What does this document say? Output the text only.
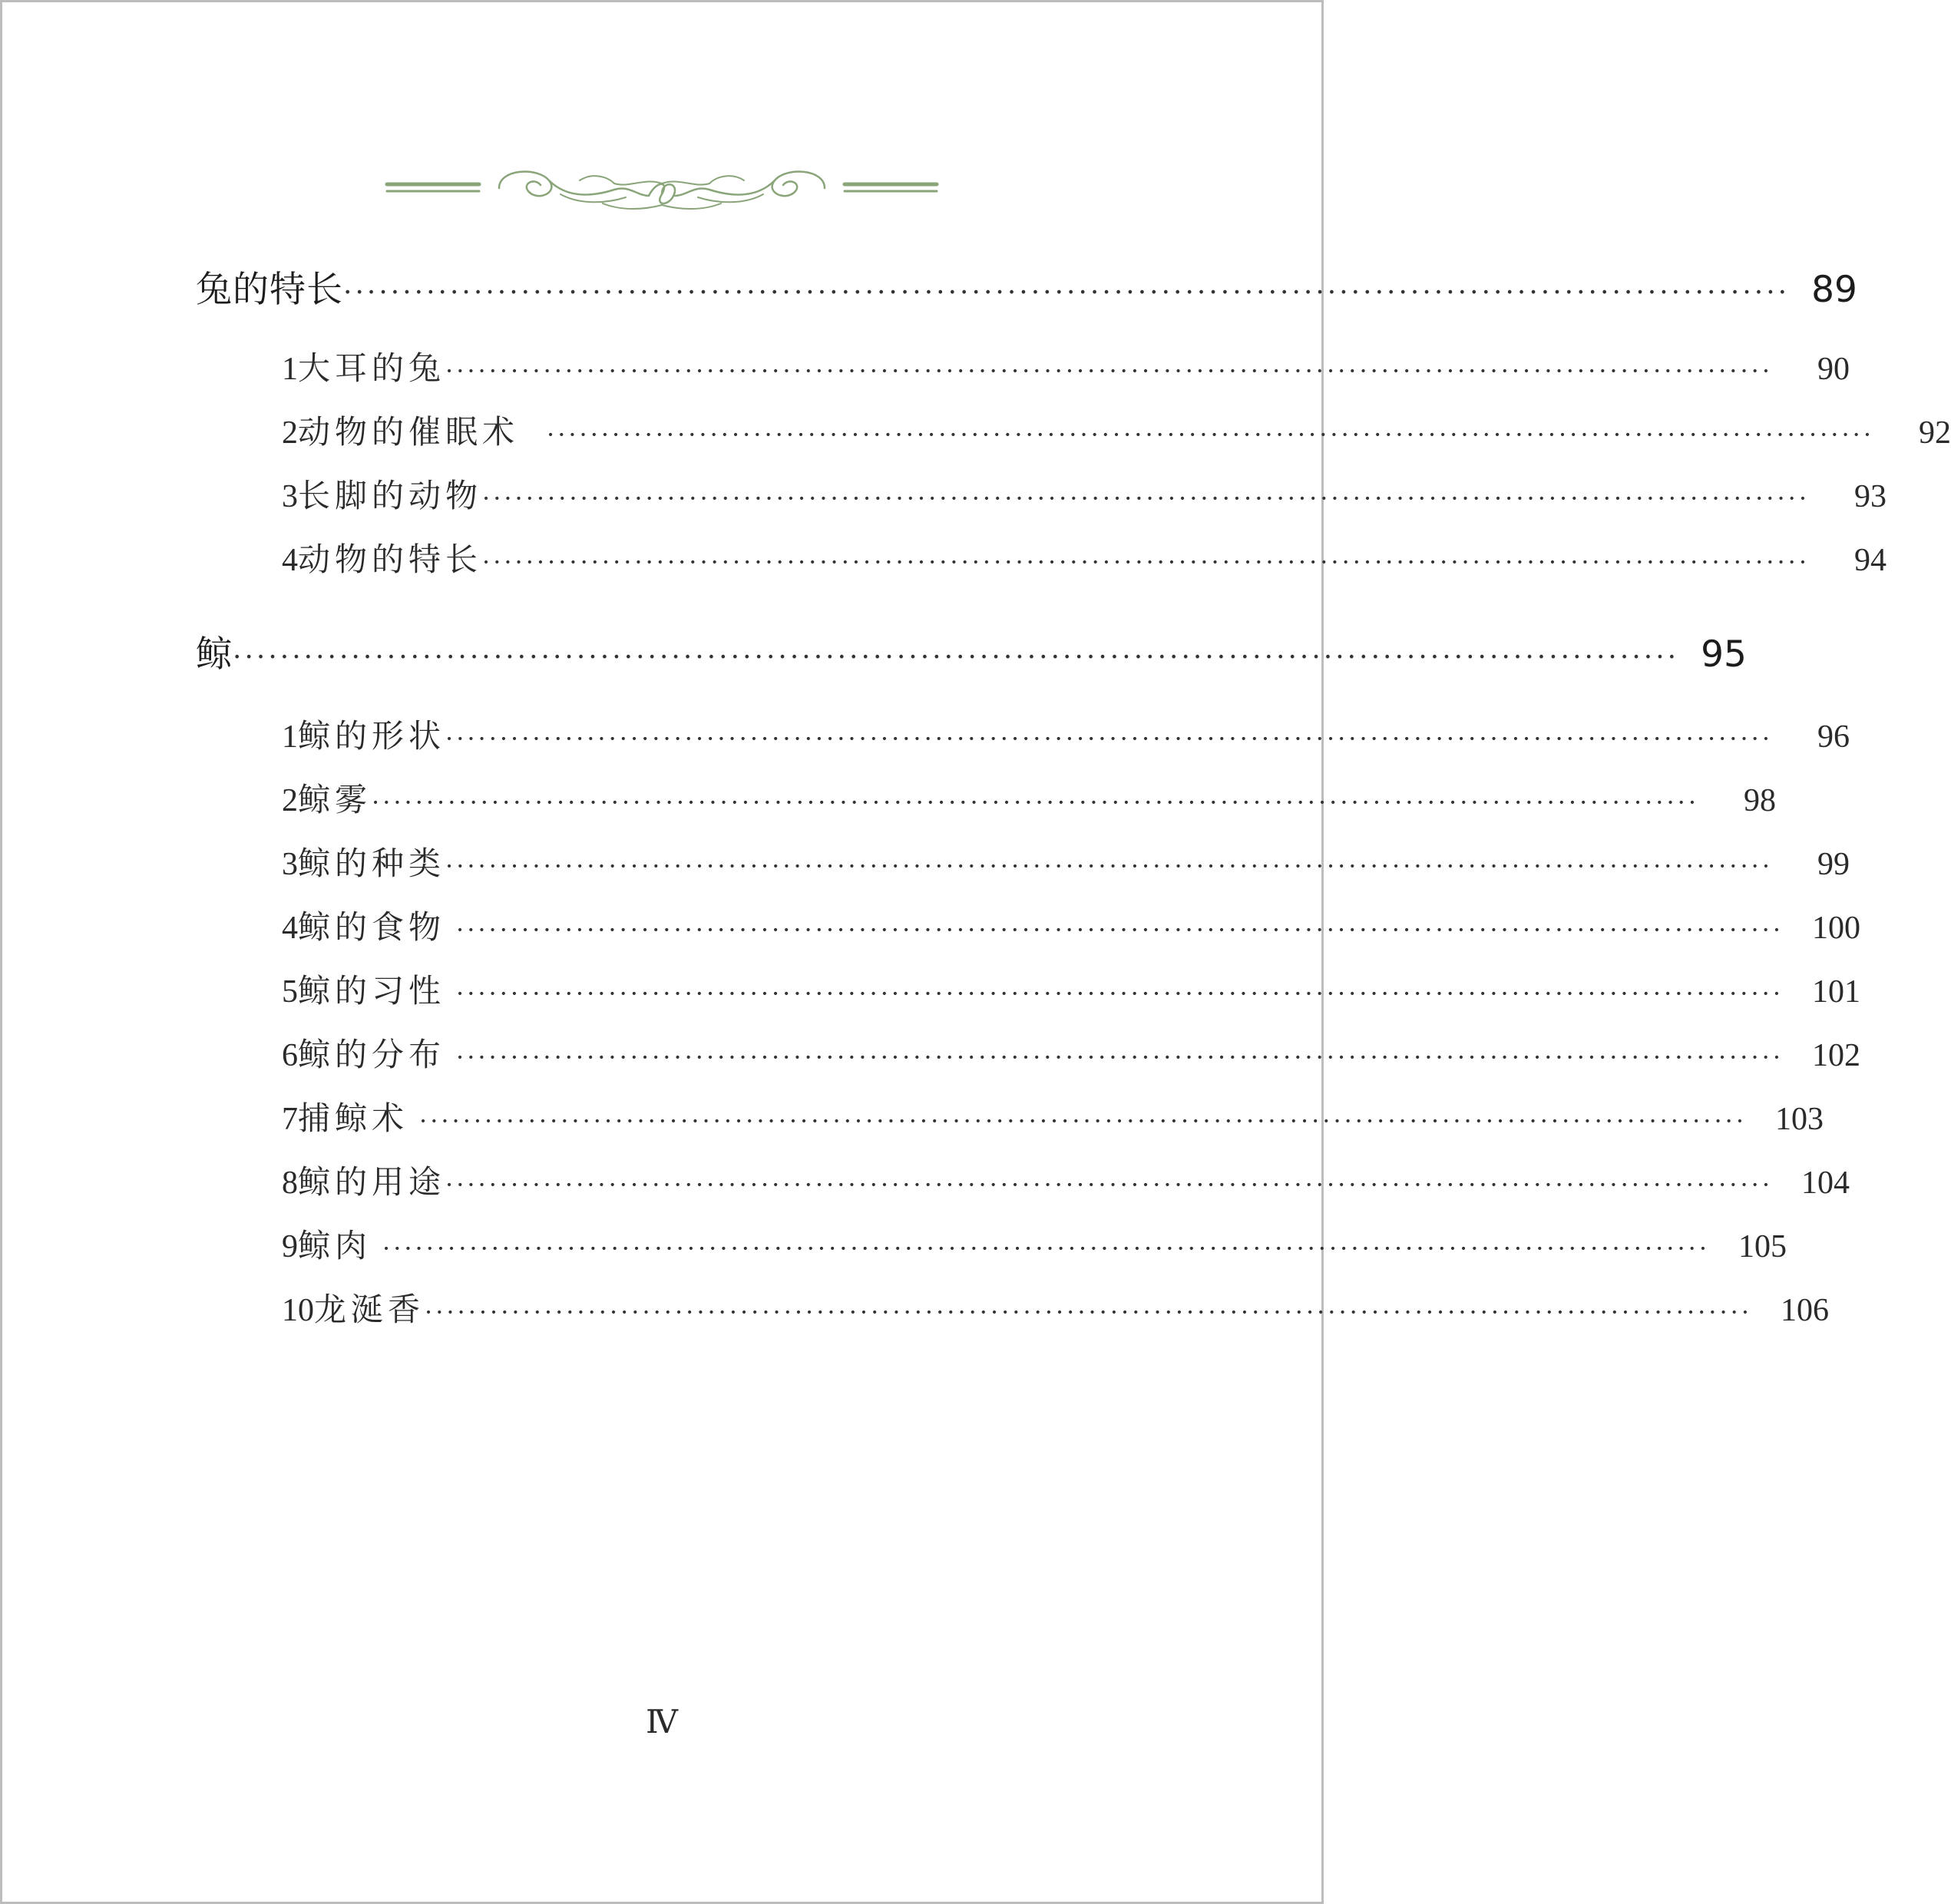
兔的特长 ·························································································································· 89
1 大耳的兔 ··························································································································	90
2 动物的催眠术 ··························································································································	92
3 长脚的动物 ··························································································································	93
4 动物的特长 ··························································································································	94
鲸 ·························································································································· 95
1 鲸的形状 ··························································································································	96
2 鲸雾 ··························································································································	98
3 鲸的种类 ··························································································································	99
4 鲸的食物 ·························································································································· 100
5 鲸的习性 ·························································································································· 101
6 鲸的分布 ·························································································································· 102
7 捕鲸术 ·························································································································· 103
8 鲸的用途 ·························································································································· 104
9 鲸肉 ·························································································································· 105
10 龙涎香 ·························································································································· 106
Ⅳ
